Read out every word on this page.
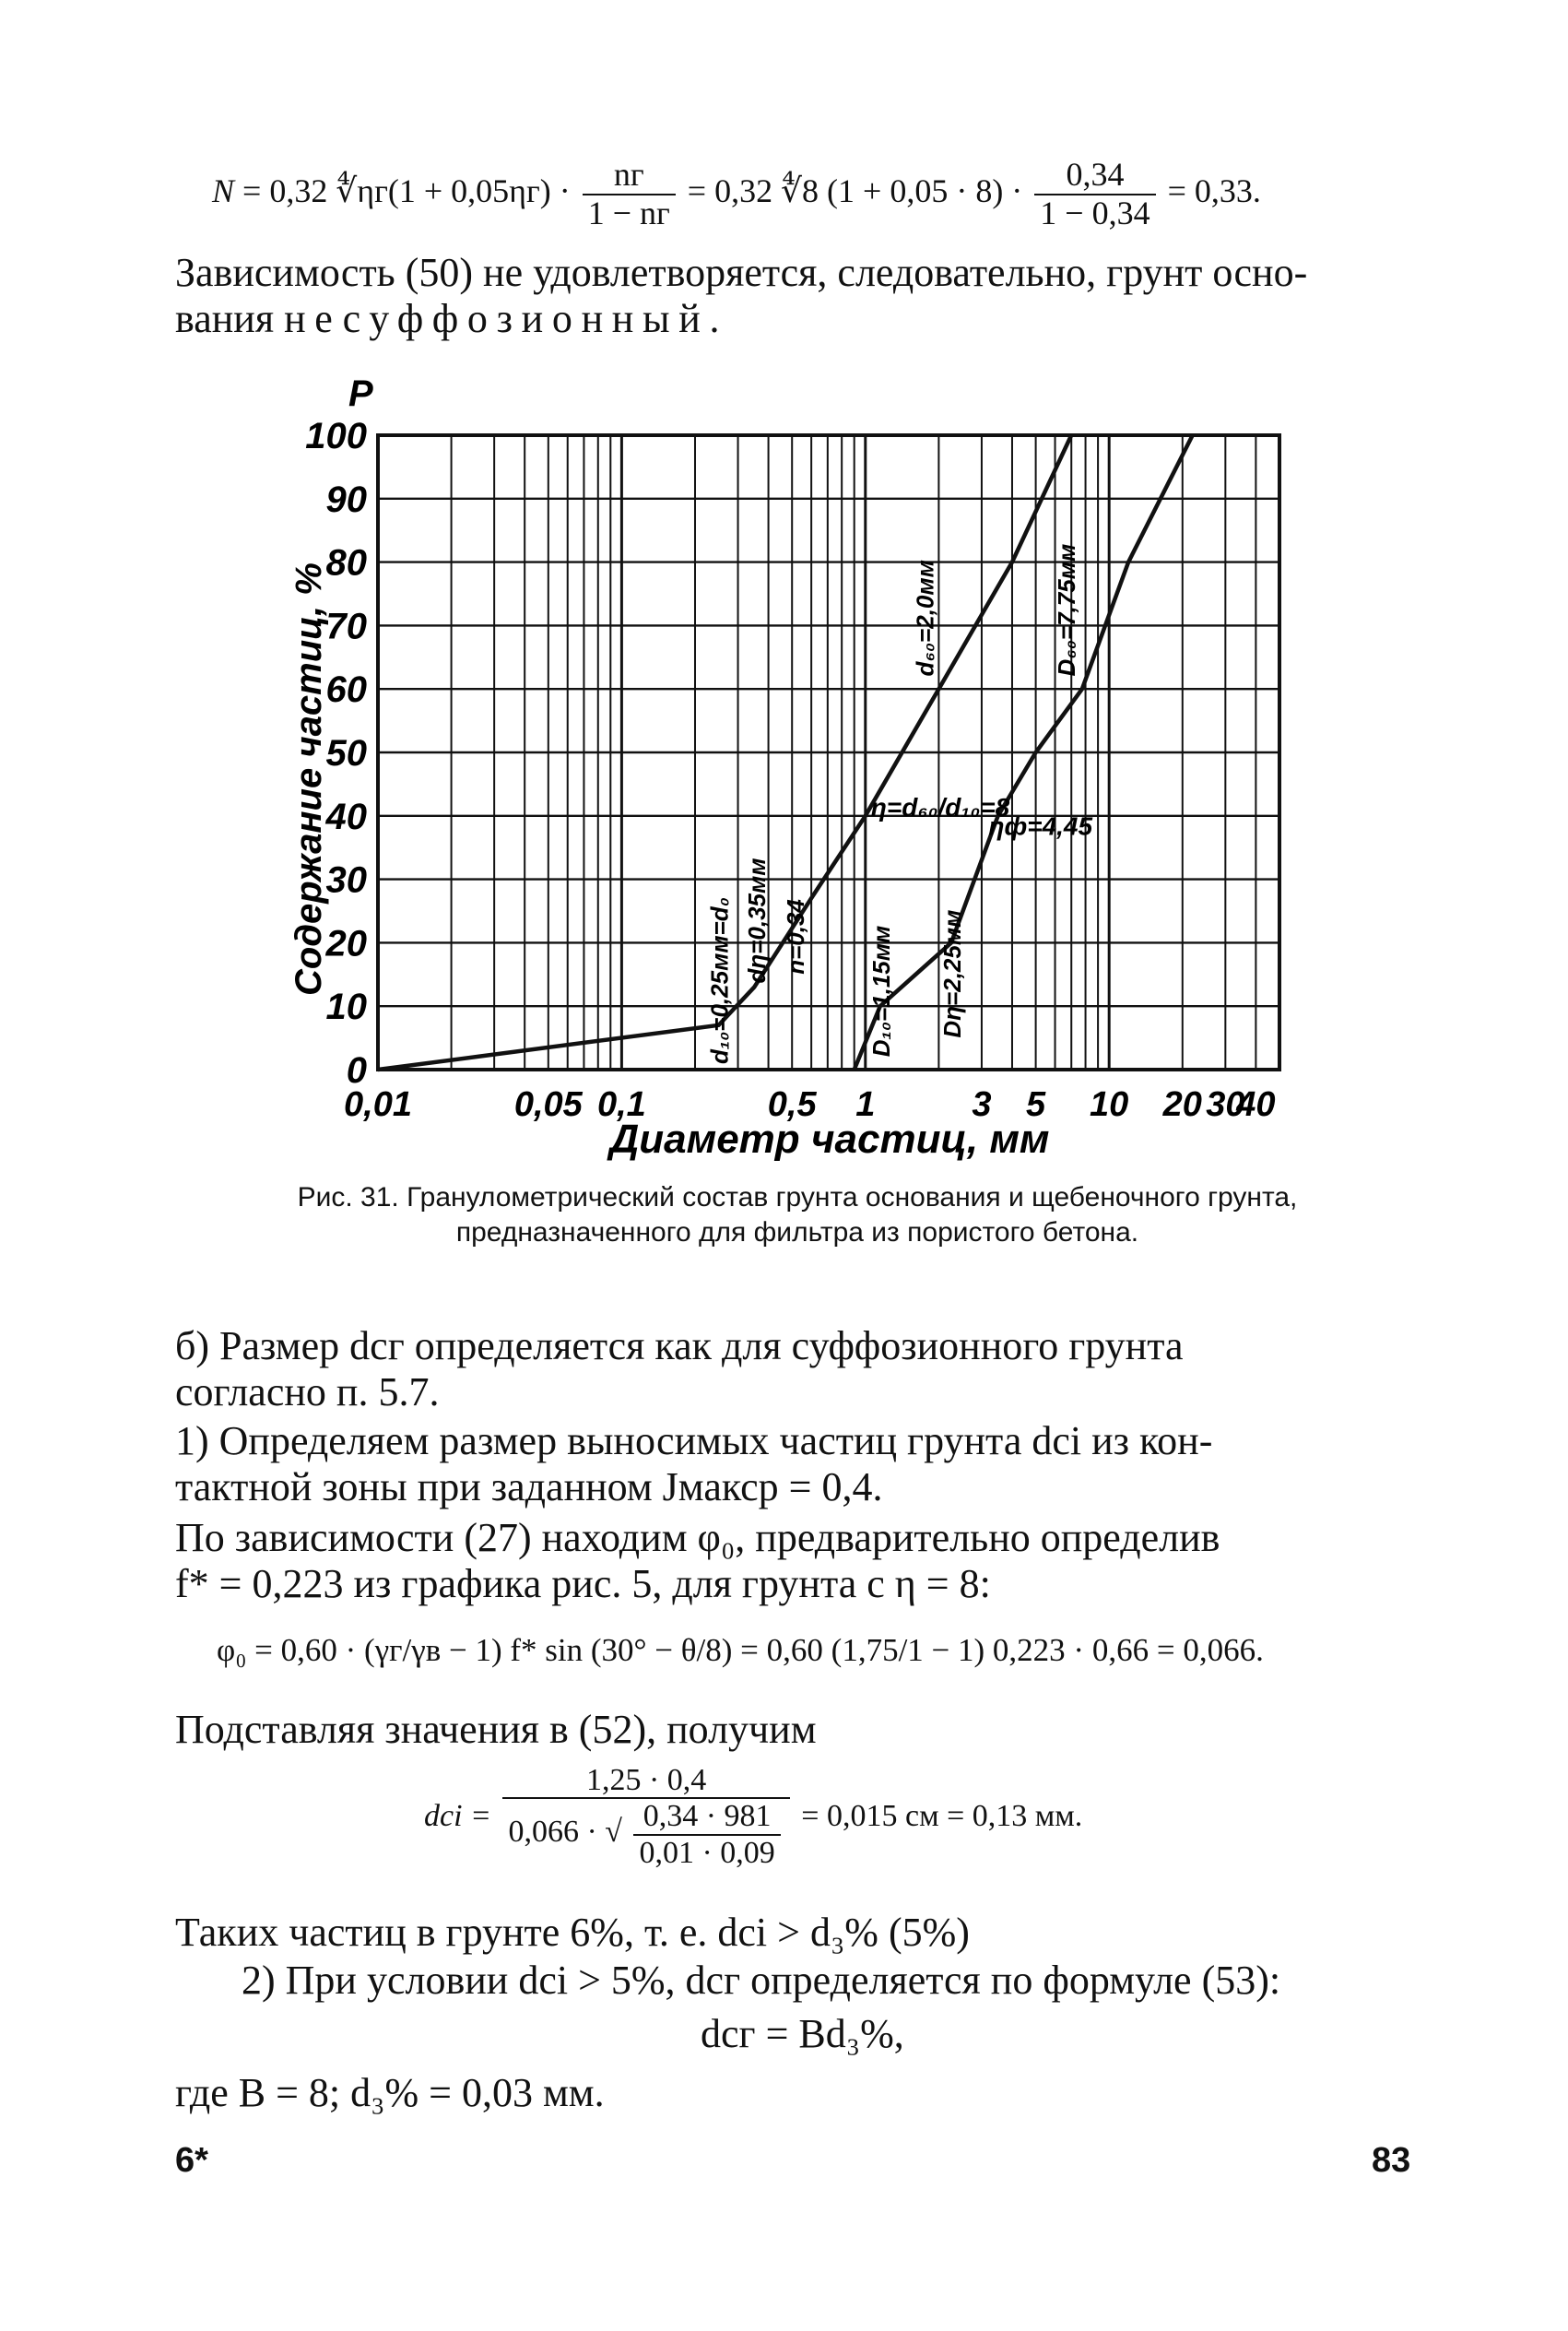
N = 0,32 ∜ηг(1 + $0,05\eta г) \cdot \frac{nг}{1 - nг} = 0,32$ ∜8 $(1 + 0,05 \cdot 8) \cdot \frac{0,34}{1 - 0,34} = 0,33$.
Зависимость (50) не удовлетворяется, следовательно, грунт осно-
вания несуффозионный.
100
90
80
70
60
50
40
30
20
10
0
0,01	0,05 0,1	0,5 1	3 5 10 20 30
40
P
Содержание частиц, %
Диаметр частиц, мм
d₁₀=0,25мм=d₀ dη=0,35мм n=0,34
d₆₀=2,0мм
D₁₀=1,15мм Dη=2,25мм
D₆₀=7,75мм
η=d₆₀/d₁₀=8
ηф=4,45
Рис. 31. Гранулометрический состав грунта основания и щебеночного грунта, предназначенного для фильтра из пористого бетона.
б) Размер dсг определяется как для суффозионного грунта
согласно п. 5.7.
1) Определяем размер выносимых частиц грунта dсi из кон-
тактной зоны при заданном Jмаксp = 0,4.
По зависимости (27) находим φ₀, предварительно определив
f* = 0,223 из графика рис. 5, для грунта с η = 8:
φ₀ = 0,60 · (γг/γв − 1) f* sin (30° − θ/8) = 0,60 (1,75/1 − 1) 0,223 · 0,66 = 0,066.
Подставляя значения в (52), получим
dсi =
1,25 · 0,4
0,066 · √ $\frac{0,34 \cdot 981}{0,01 \cdot 0,09} = 0,015$ см = 0,13 мм.
Таких частиц в грунте 6%, т. е. dсi > d₃% (5%)
2) При условии dсi > 5%, dсг определяется по формуле (53):
dсг = Bd₃%,
где B = 8; d₃% = 0,03 мм.
6*	83
